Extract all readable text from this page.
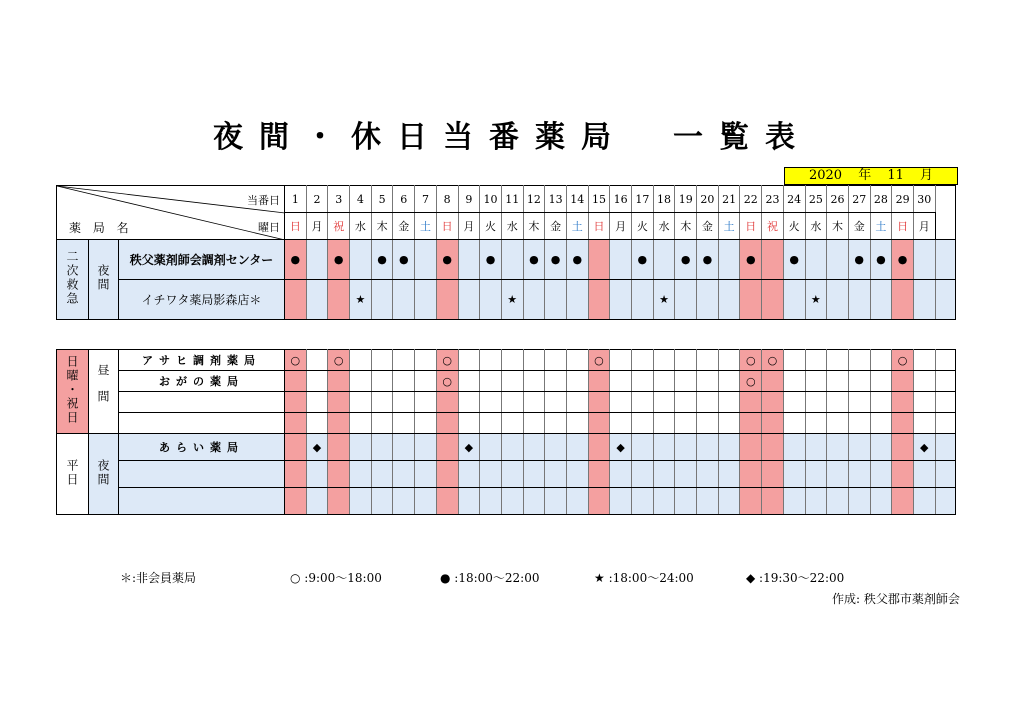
夜間・休日当番薬局　一覧表
2020 年 11 月
当番日
曜日
薬 局 名			1	2	3	4	5	6	7	8	9	10	11	12	13	14	15	16	17	18	19	20	21	22	23	24	25	26	27	28	29	30	
			日	月	祝	水	木	金	土	日	月	火	水	木	金	土	日	月	火	水	木	金	土	日	祝	火	水	木	金	土	日	月	
二次救急	夜間	秩父薬剤師会調剤センター	●		●		●	●		●		●		●	●	●			●		●	●		●		●			●	●	●		
		イチワタ薬局影森店＊				★							★							★							★						
日曜・祝日	昼間	アサヒ調剤薬局	○		○					○							○							○	○						○		
		おがの薬局								○														○									

平日	夜間	あらい薬局		◆							◆							◆														◆	

＊:非会員薬局	○ :9:00～18:00	● :18:00～22:00	★ :18:00～24:00	◆ :19:30～22:00
作成: 秩父郡市薬剤師会
